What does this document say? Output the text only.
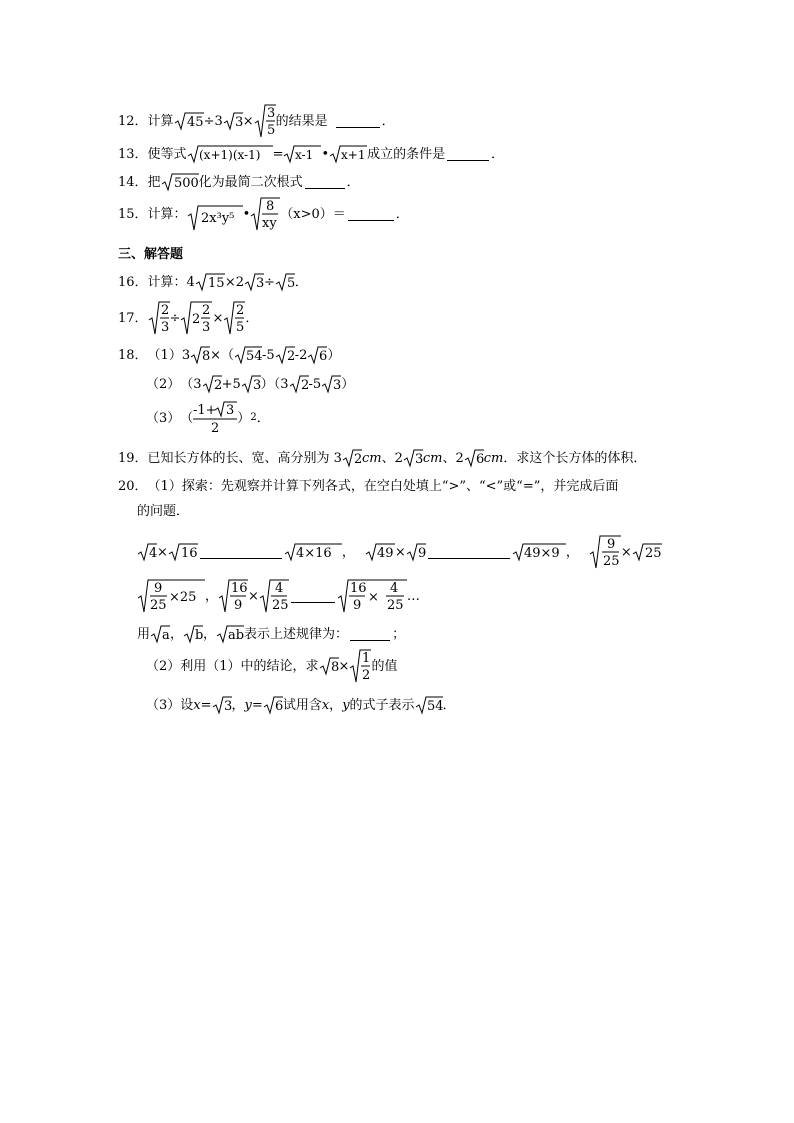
12． 计算 45 ÷3 3 × 3
5
的结果是	．
13． 使等式 (x+1)(x-1) = x-1 • x+1 成立的条件是	．
14． 把 500 化为最简二次根式	．
15． 计算： 2x³y⁵ • 8
xy
（x>0）＝	．
三、解答题
16． 计算：4 15 ×2 3 ÷ 5 ．
17． 2
3
÷ 2
2
3
× 2
5
．
18． （1） 3 8 ×（ 54 -5 2 -2 6 ）
（2） （3 2 +5 3 ）（3 2 -5 3 ）
（3） （ -1+ 3
2
） 2 ．
19． 已知长方体的长、宽、高分别为 3 2 cm 、2 3 cm 、2 6 cm ．求这个长方体的体积．
20． （1）探索：先观察并计算下列各式，在空白处填上“>”、“<”或“=”，并完成后面
的问题．
4 × 16	4×16 ， 49 × 9	49×9 ， 9
25
× 25
9
25
×25 ， 16
9
× 4
25
16
9
×
4
25
…
用 a ， b ， ab 表示上述规律为：	；
（2）利用（1）中的结论，求 8 × 1
2
的值
（3）设 x = 3 ， y = 6 试用含 x ， y 的式子表示 54 ．
